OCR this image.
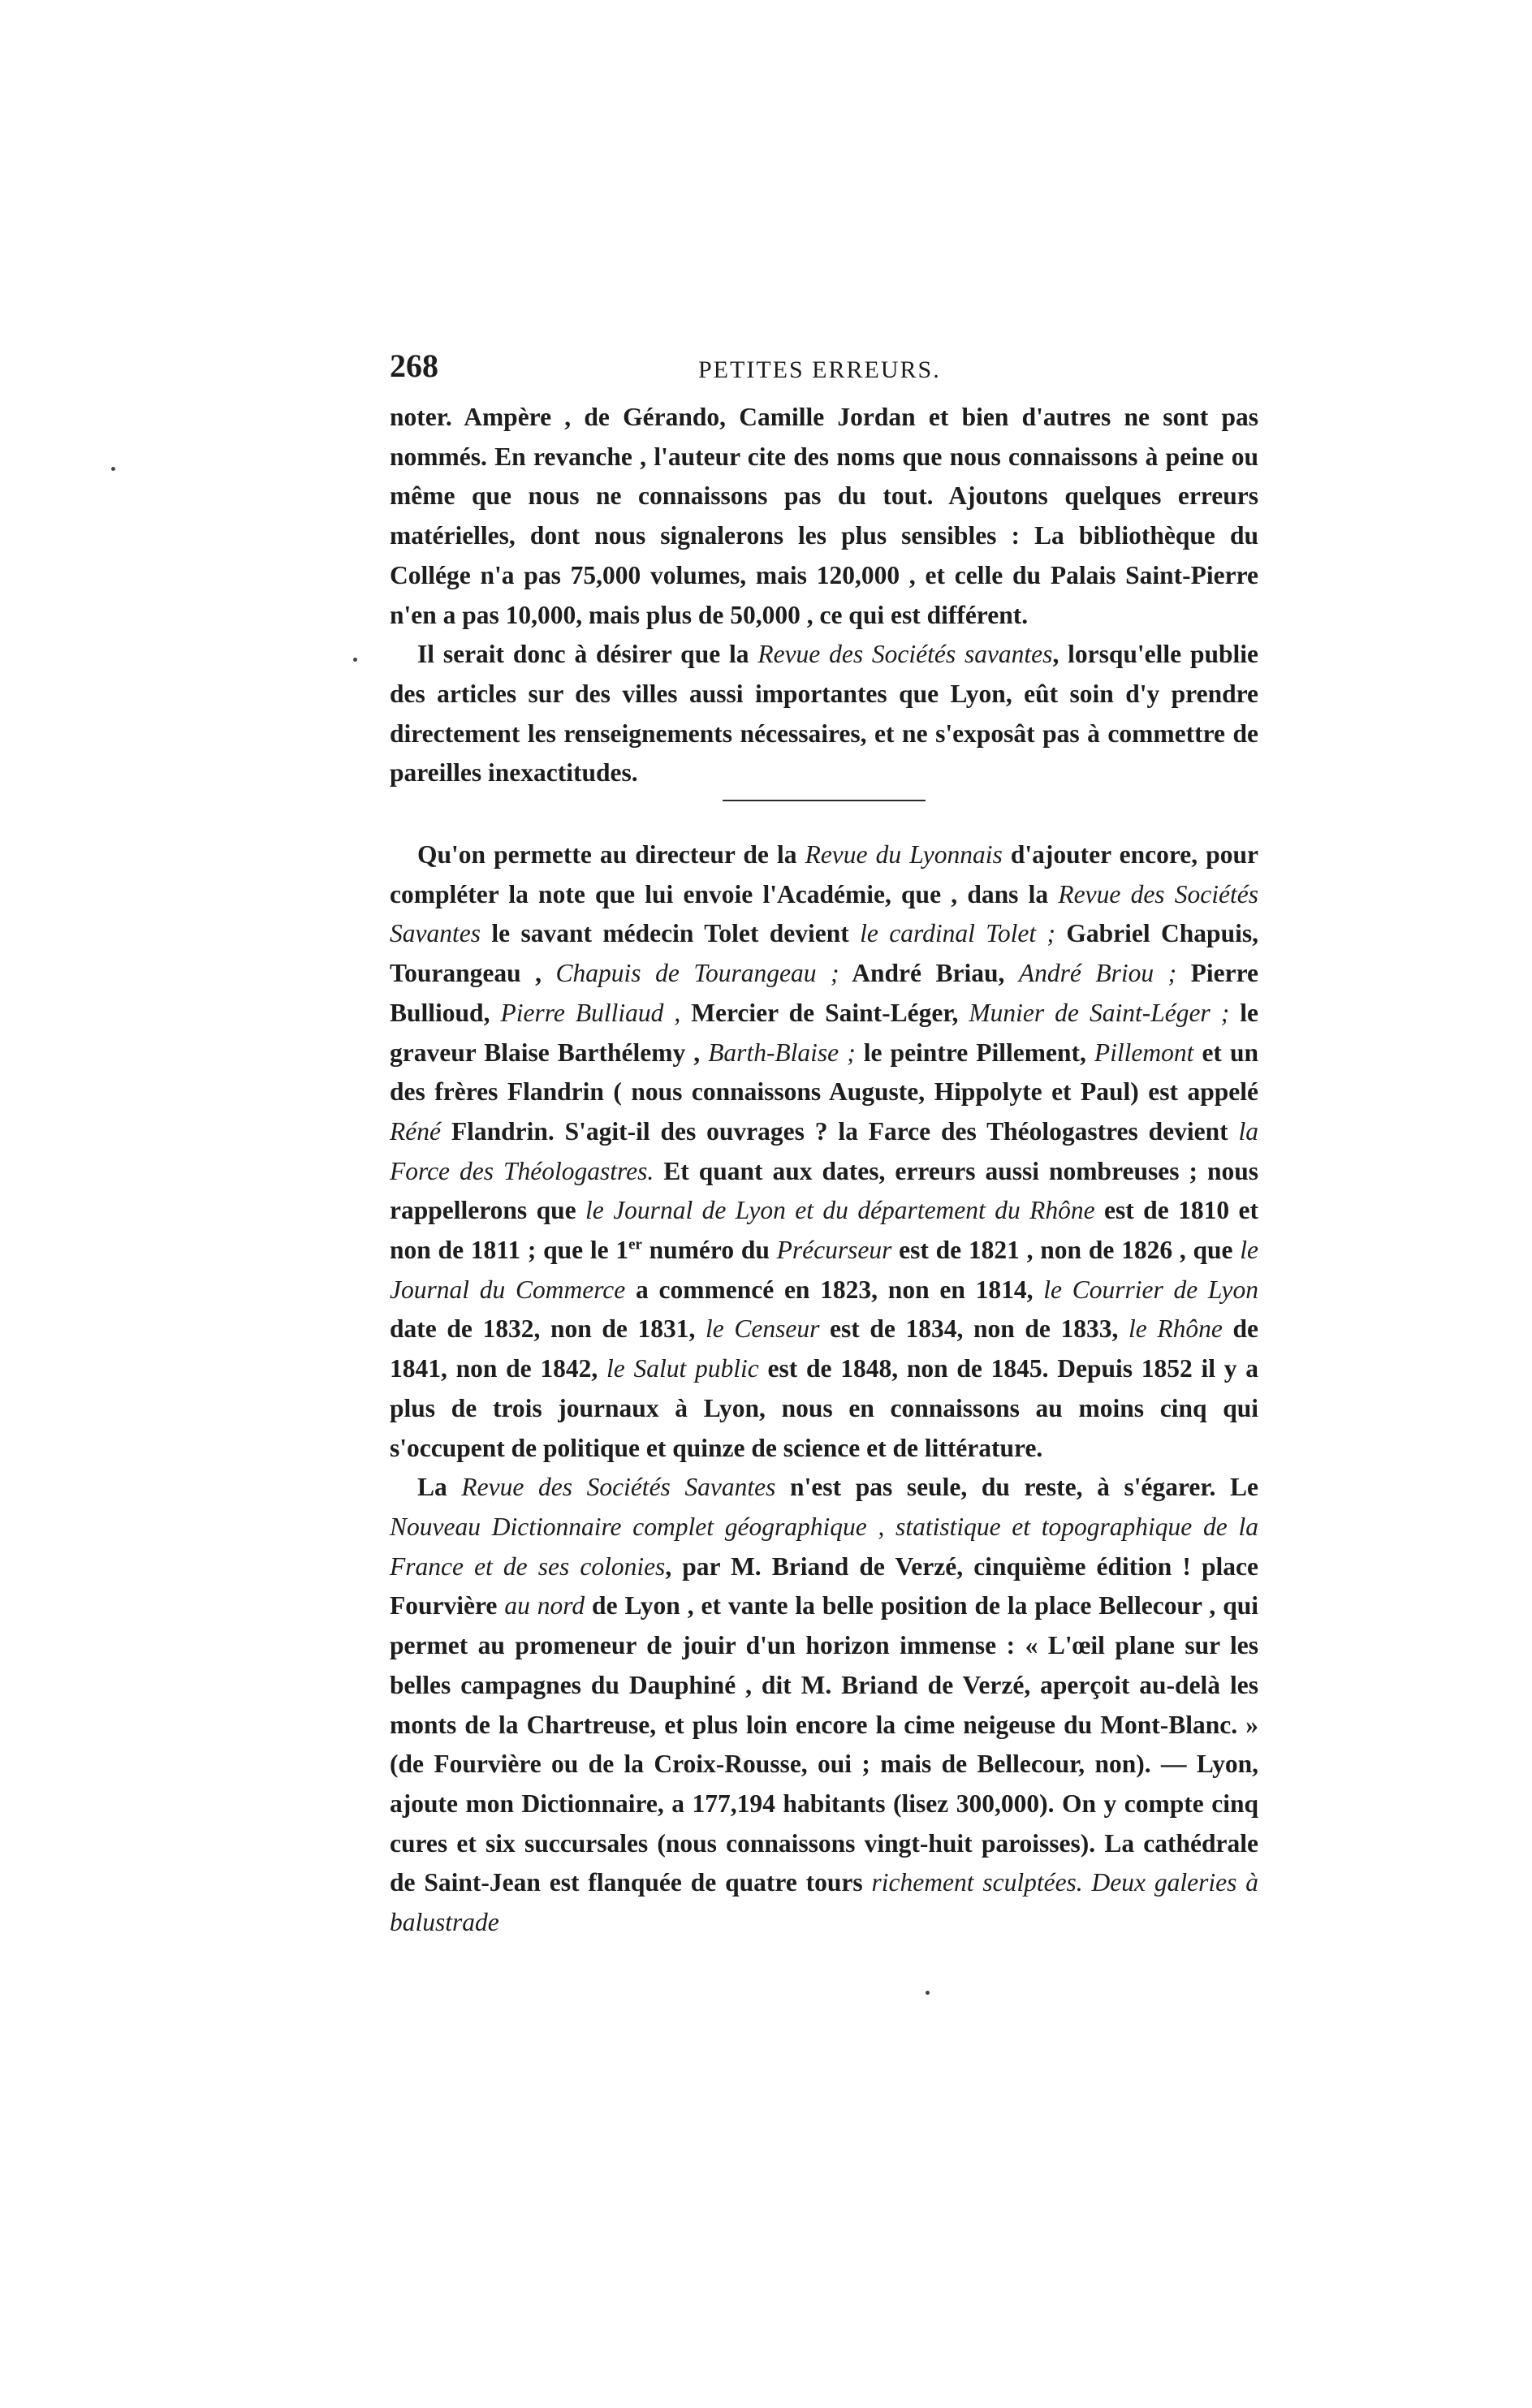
268	PETITES ERREURS.

noter. Ampère , de Gérando, Camille Jordan et bien d'autres ne sont pas nommés. En revanche , l'auteur cite des noms que nous connaissons à peine ou même que nous ne connaissons pas du tout. Ajoutons quelques erreurs matérielles, dont nous signalerons les plus sensibles : La bibliothèque du Collége n'a pas 75,000 volumes, mais 120,000 , et celle du Palais Saint-Pierre n'en a pas 10,000, mais plus de 50,000 , ce qui est différent.

Il serait donc à désirer que la Revue des Sociétés savantes, lorsqu'elle publie des articles sur des villes aussi importantes que Lyon, eût soin d'y prendre directement les renseignements nécessaires, et ne s'exposât pas à commettre de pareilles inexactitudes.

Qu'on permette au directeur de la Revue du Lyonnais d'ajouter encore, pour compléter la note que lui envoie l'Académie, que , dans la Revue des Sociétés Savantes le savant médecin Tolet devient le cardinal Tolet ; Gabriel Chapuis, Tourangeau , Chapuis de Tourangeau ; André Briau, André Briou ; Pierre Bullioud, Pierre Bulliaud , Mercier de Saint-Léger, Munier de Saint-Léger ; le graveur Blaise Barthélemy , Barth-Blaise ; le peintre Pillement, Pillemont et un des frères Flandrin ( nous connaissons Auguste, Hippolyte et Paul) est appelé Réné Flandrin. S'agit-il des ouvrages ? la Farce des Théologastres devient la Force des Théologastres. Et quant aux dates, erreurs aussi nombreuses ; nous rappellerons que le Journal de Lyon et du département du Rhône est de 1810 et non de 1811 ; que le 1er numéro du Précurseur est de 1821 , non de 1826 , que le Journal du Commerce a commencé en 1823, non en 1814, le Courrier de Lyon date de 1832, non de 1831, le Censeur est de 1834, non de 1833, le Rhône de 1841, non de 1842, le Salut public est de 1848, non de 1845. Depuis 1852 il y a plus de trois journaux à Lyon, nous en connaissons au moins cinq qui s'occupent de politique et quinze de science et de littérature.

La Revue des Sociétés Savantes n'est pas seule, du reste, à s'égarer. Le Nouveau Dictionnaire complet géographique , statistique et topographique de la France et de ses colonies, par M. Briand de Verzé, cinquième édition ! place Fourvière au nord de Lyon , et vante la belle position de la place Bellecour , qui permet au promeneur de jouir d'un horizon immense : « L'œil plane sur les belles campagnes du Dauphiné , dit M. Briand de Verzé, aperçoit au-delà les monts de la Chartreuse, et plus loin encore la cime neigeuse du Mont-Blanc. » (de Fourvière ou de la Croix-Rousse, oui ; mais de Bellecour, non). — Lyon, ajoute mon Dictionnaire, a 177,194 habitants (lisez 300,000). On y compte cinq cures et six succursales (nous connaissons vingt-huit paroisses). La cathédrale de Saint-Jean est flanquée de quatre tours richement sculptées. Deux galeries à balustrade
